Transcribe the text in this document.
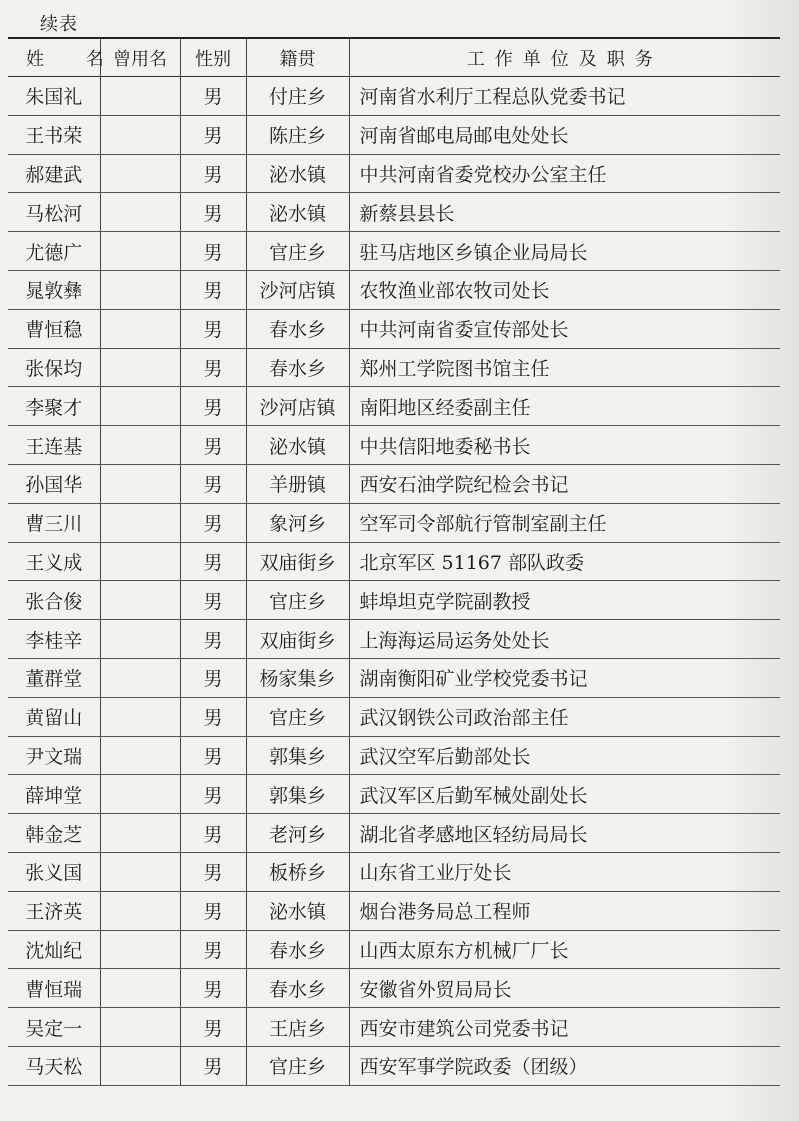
续表
姓 名	曾用名	性别	籍贯	工作单位及职务
朱国礼		男	付庄乡	河南省水利厅工程总队党委书记
王书荣		男	陈庄乡	河南省邮电局邮电处处长
郝建武		男	泌水镇	中共河南省委党校办公室主任
马松河		男	泌水镇	新蔡县县长
尤德广		男	官庄乡	驻马店地区乡镇企业局局长
晁敦彝		男	沙河店镇	农牧渔业部农牧司处长
曹恒稳		男	春水乡	中共河南省委宣传部处长
张保均		男	春水乡	郑州工学院图书馆主任
李聚才		男	沙河店镇	南阳地区经委副主任
王连基		男	泌水镇	中共信阳地委秘书长
孙国华		男	羊册镇	西安石油学院纪检会书记
曹三川		男	象河乡	空军司令部航行管制室副主任
王义成		男	双庙街乡	北京军区 51167 部队政委
张合俊		男	官庄乡	蚌埠坦克学院副教授
李桂辛		男	双庙街乡	上海海运局运务处处长
董群堂		男	杨家集乡	湖南衡阳矿业学校党委书记
黄留山		男	官庄乡	武汉钢铁公司政治部主任
尹文瑞		男	郭集乡	武汉空军后勤部处长
薛坤堂		男	郭集乡	武汉军区后勤军械处副处长
韩金芝		男	老河乡	湖北省孝感地区轻纺局局长
张义国		男	板桥乡	山东省工业厅处长
王济英		男	泌水镇	烟台港务局总工程师
沈灿纪		男	春水乡	山西太原东方机械厂厂长
曹恒瑞		男	春水乡	安徽省外贸局局长
吴定一		男	王店乡	西安市建筑公司党委书记
马天松		男	官庄乡	西安军事学院政委（团级）
